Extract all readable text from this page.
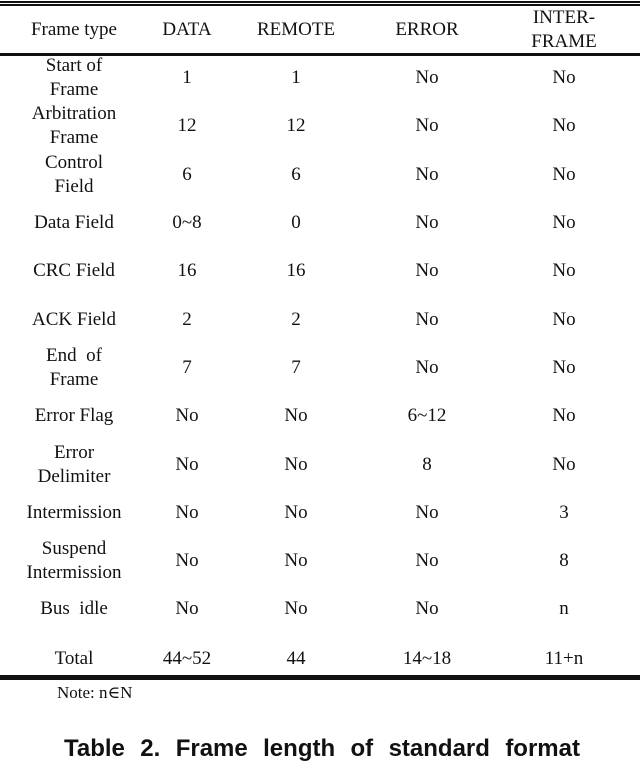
Frame type	DATA	REMOTE	ERROR	INTER-
FRAME

Start of
Frame	1	1	No	No

Arbitration
Frame	12	12	No	No

Control
Field	6	6	No	No

Data Field	0~8	0	No	No

CRC Field	16	16	No	No

ACK Field	2	2	No	No

End  of
Frame	7	7	No	No

Error Flag	No	No	6~12	No

Error
Delimiter	No	No	8	No

Intermission	No	No	No	3

Suspend
Intermission	No	No	No	8

Bus  idle	No	No	No	n
Total	44~52	44	14~18	11+n
Note: n∈N
Table 2. Frame length of standard format
